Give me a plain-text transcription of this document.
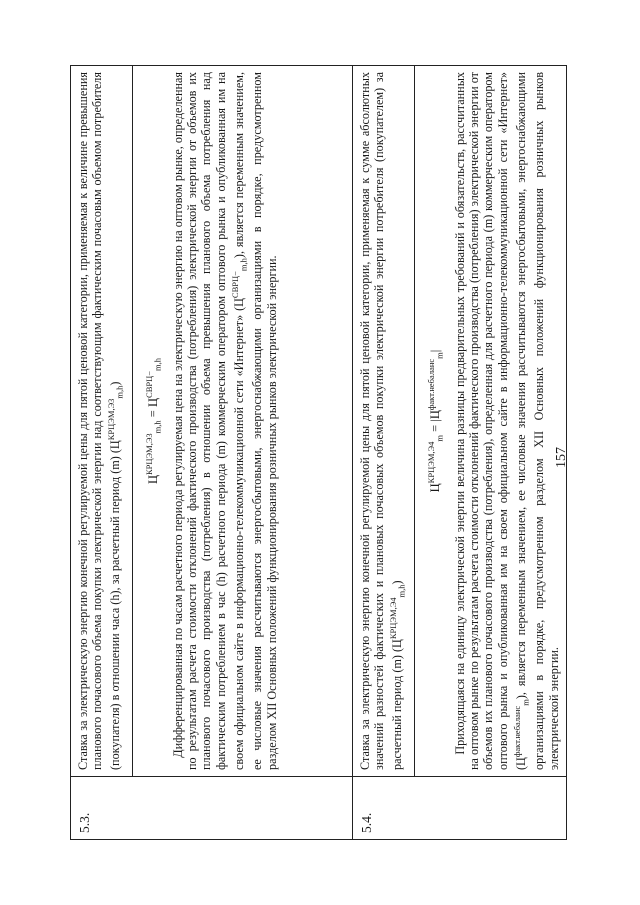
157
5.3.	Ставка за электрическую энергию конечной регулируемой цены для пятой ценовой категории, применяемая к величине превышения планового почасового объема покупки электрической энергии над соответствующим фактическим почасовым объемом потребителя (покупателя) в отношении часа (h), за расчетный период (m) $(Ц^{КРЦЭМ,Э3}_{m,h})$
$Ц^{КРЦЭМ,Э3}_{m,h} = Ц^{СВРЦ-}_{m,h}$ Дифференцированная по часам расчетного периода регулируемая цена на электрическую энергию на оптовом рынке, определенная по результатам расчета стоимости отклонений фактического производства (потребления) электрической энергии от объемов их планового почасового производства (потребления) в отношении объема превышения планового объема потребления над фактическим потреблением в час (h) расчетного периода (m) коммерческим оператором оптового рынка и опубликованная им на своем официальном сайте в информационно-телекоммуникационной сети «Интернет» $(Ц^{СВРЦ-}_{m,h})$, является переменным значением, ее числовые значения рассчитываются энергосбытовыми, энергоснабжающими организациями в порядке, предусмотренном разделом XII Основных положений функционирования розничных рынков электрической энергии.

5.4.	Ставка за электрическую энергию конечной регулируемой цены для пятой ценовой категории, применяемая к сумме абсолютных значений разностей фактических и плановых почасовых объемов покупки электрической энергии потребителя (покупателем) за расчетный период (m) $(Ц^{КРЦЭМ,Э4}_{m,h})$
$Ц^{КРЦЭМ,Э4}_m = |Ц^{факт.небаланс}_m|$ Приходящаяся на единицу электрической энергии величина разницы предварительных требований и обязательств, рассчитанных на оптовом рынке по результатам расчета стоимости отклонений фактического производства (потребления) электрической энергии от объемов их планового почасового производства (потребления), определенная для расчетного периода (m) коммерческим оператором оптового рынка и опубликованная им на своем официальном сайте в информационно-телекоммуникационной сети «Интернет» $(Ц^{факт.небаланс}_m)$, является переменным значением, ее числовые значения рассчитываются энергосбытовыми, энергоснабжающими организациями в порядке, предусмотренном разделом XII Основных положений функционирования розничных рынков электрической энергии.
